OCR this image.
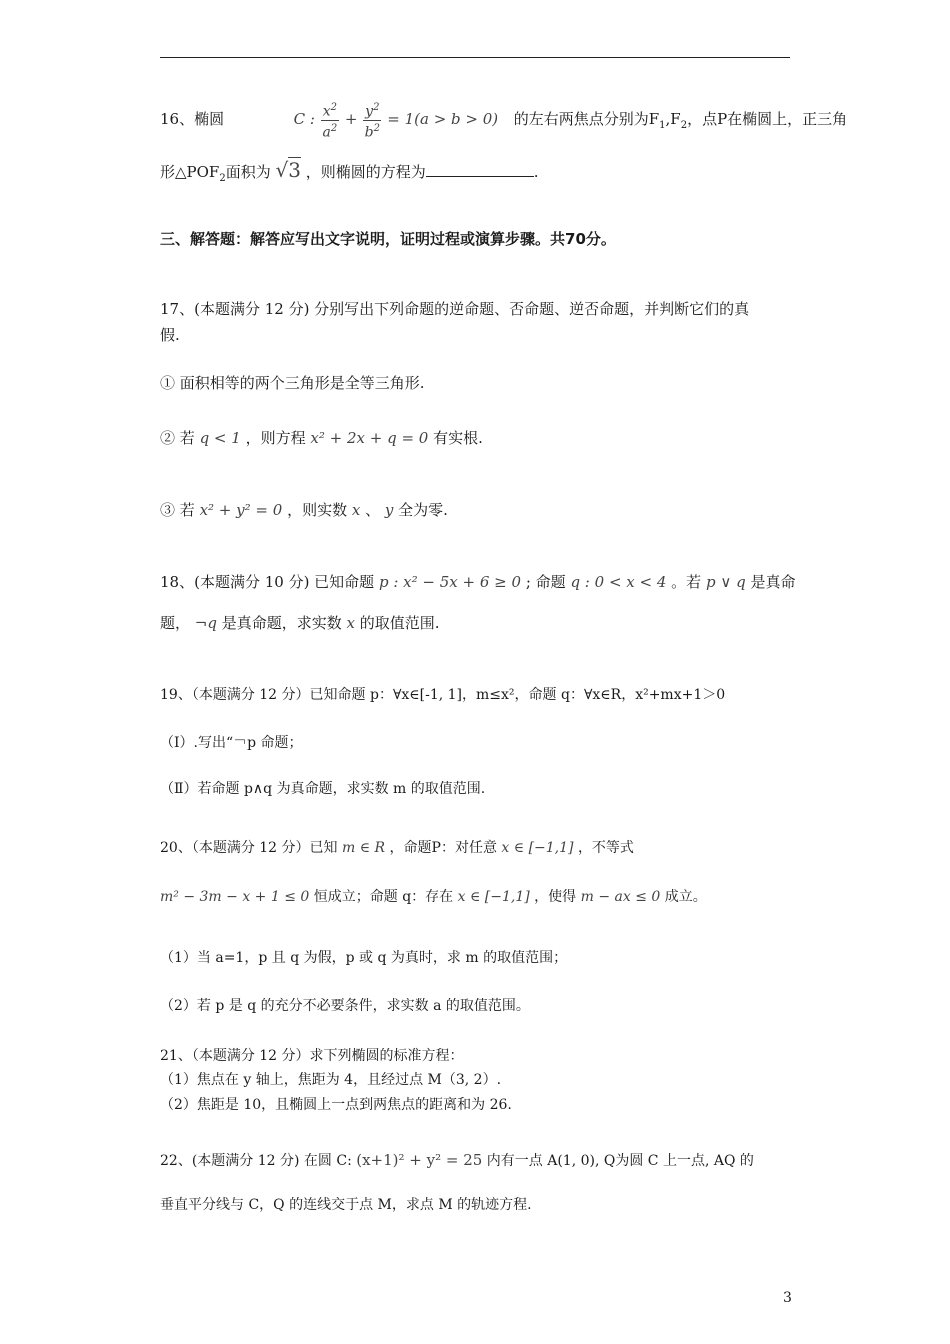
16、椭圆	C : $\frac{x^2}{a^2} + \frac{y^2}{b^2} = 1(a > b > 0)$ 的左右两焦点分别为$F_1,F_2$，点P在椭圆上，正三角
形$\triangle POF_2$面积为 √3 ，则椭圆的方程为	.
三、解答题：解答应写出文字说明，证明过程或演算步骤。共70分。
17、(本题满分 12 分) 分别写出下列命题的逆命题、否命题、逆否命题，并判断它们的真
假.
① 面积相等的两个三角形是全等三角形.
② 若 q < 1 ，则方程 x² + 2x + q = 0 有实根.
③ 若 x² + y² = 0 ，则实数 x 、 y 全为零.
18、(本题满分 10 分) 已知命题 p : x² − 5x + 6 ≥ 0 ; 命题 q : 0 < x < 4 。若 p ∨ q 是真命
题， ¬q 是真命题，求实数 x 的取值范围.
19、（本题满分 12 分）已知命题 p：∀x∈[-1, 1]，m≤x²，命题 q：∀x∈R，x²+mx+1＞0
（Ⅰ）.写出“￢p 命题；
（Ⅱ）若命题 p∧q 为真命题，求实数 m 的取值范围.
20、（本题满分 12 分）已知 m ∈ R ，命题P：对任意 x ∈ [−1,1] ，不等式
m² − 3m − x + 1 ≤ 0 恒成立；命题 q：存在 x ∈ [−1,1] ，使得 m − ax ≤ 0 成立。
（1）当 a=1，p 且 q 为假，p 或 q 为真时，求 m 的取值范围；
（2）若 p 是 q 的充分不必要条件，求实数 a 的取值范围。
21、（本题满分 12 分）求下列椭圆的标准方程：
（1）焦点在 y 轴上，焦距为 4，且经过点 M（3, 2）.
（2）焦距是 10，且椭圆上一点到两焦点的距离和为 26.
22、(本题满分 12 分) 在圆 C: (x+1)² + y² = 25 内有一点 A(1, 0), Q为圆 C 上一点, AQ 的
垂直平分线与 C，Q 的连线交于点 M，求点 M 的轨迹方程.
3
